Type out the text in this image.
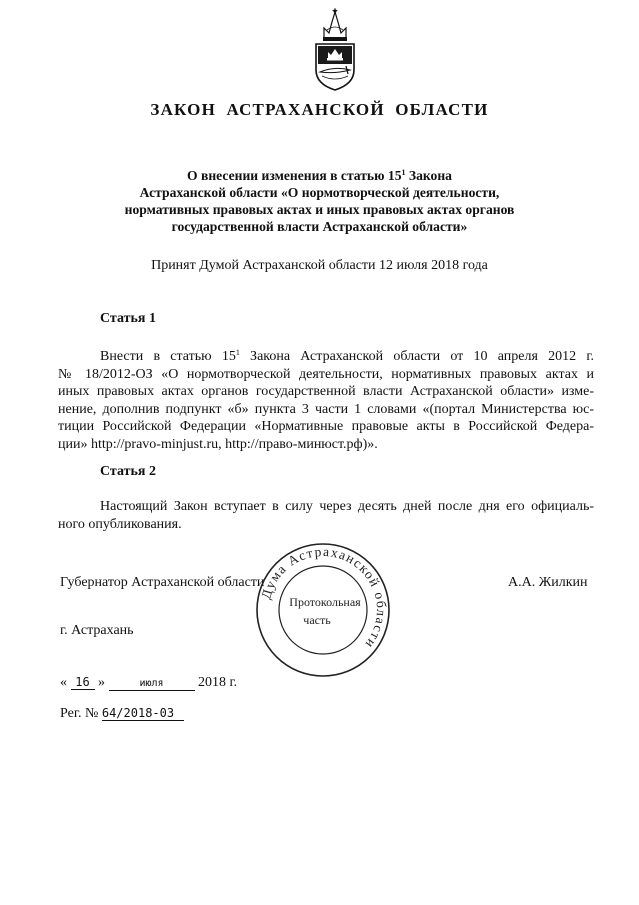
ЗАКОН АСТРАХАНСКОЙ ОБЛАСТИ
О внесении изменения в статью $15^1$ Закона
Астраханской области «О нормотворческой деятельности,
нормативных правовых актах и иных правовых актах органов
государственной власти Астраханской области»
Принят Думой Астраханской области 12 июля 2018 года
Статья 1
Внести в статью $15^1$ Закона Астраханской области от 10 апреля 2012 г.
№ 18/2012-ОЗ «О нормотворческой деятельности, нормативных правовых актах и
иных правовых актах органов государственной власти Астраханской области» изме-
нение, дополнив подпункт «б» пункта 3 части 1 словами «(портал Министерства юс-
тиции Российской Федерации «Нормативные правовые акты в Российской Федера-
ции» http://pravo-minjust.ru, http://право-минюст.рф)».
Статья 2
Настоящий Закон вступает в силу через десять дней после дня его официаль-
ного опубликования.
Губернатор Астраханской области	А.А. Жилкин
Дума Астраханской области
Протокольная
часть
г. Астрахань
« 16 »	июля 2018 г.
Рег. № 64/2018-03
